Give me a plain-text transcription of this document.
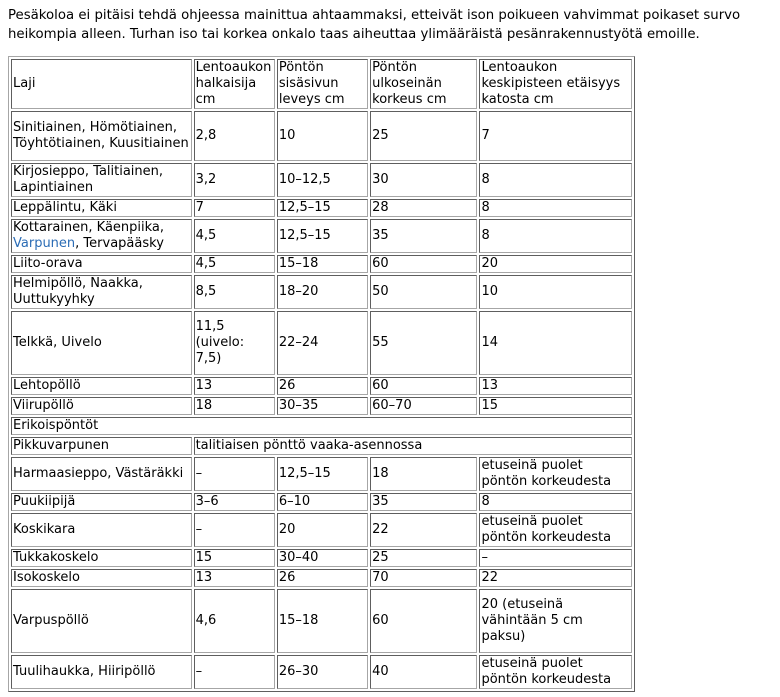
Pesäkoloa ei pitäisi tehdä ohjeessa mainittua ahtaammaksi, etteivät ison poikueen vahvimmat poikaset survo heikompia alleen. Turhan iso tai korkea onkalo taas aiheuttaa ylimääräistä pesänrakennustyötä emoille.

Laji	Lentoaukon halkaisija cm	Pöntön sisäsivun leveys cm	Pöntön ulkoseinän korkeus cm	Lentoaukon keskipisteen etäisyys katosta cm
Sinitiainen, Hömötiainen, Töyhtötiainen, Kuusitiainen	2,8	10	25	7
Kirjosieppo, Talitiainen, Lapintiainen	3,2	10–12,5	30	8
Leppälintu, Käki	7	12,5–15	28	8
Kottarainen, Käenpiika, Varpunen, Tervapääsky	4,5	12,5–15	35	8
Liito-orava	4,5	15–18	60	20
Helmipöllö, Naakka, Uuttukyyhky	8,5	18–20	50	10
Telkkä, Uivelo	11,5 (uivelo: 7,5)	22–24	55	14
Lehtopöllö	13	26	60	13
Viirupöllö	18	30–35	60–70	15
Erikoispöntöt				
Pikkuvarpunen	talitiaisen pönttö vaaka-asennossa			
Harmaasieppo, Västäräkki	–	12,5–15	18	etuseinä puolet pöntön korkeudesta
Puukiipijä	3–6	6–10	35	8
Koskikara	–	20	22	etuseinä puolet pöntön korkeudesta
Tukkakoskelo	15	30–40	25	–
Isokoskelo	13	26	70	22
Varpuspöllö	4,6	15–18	60	20 (etuseinä vähintään 5 cm paksu)
Tuulihaukka, Hiiripöllö	–	26–30	40	etuseinä puolet pöntön korkeudesta
